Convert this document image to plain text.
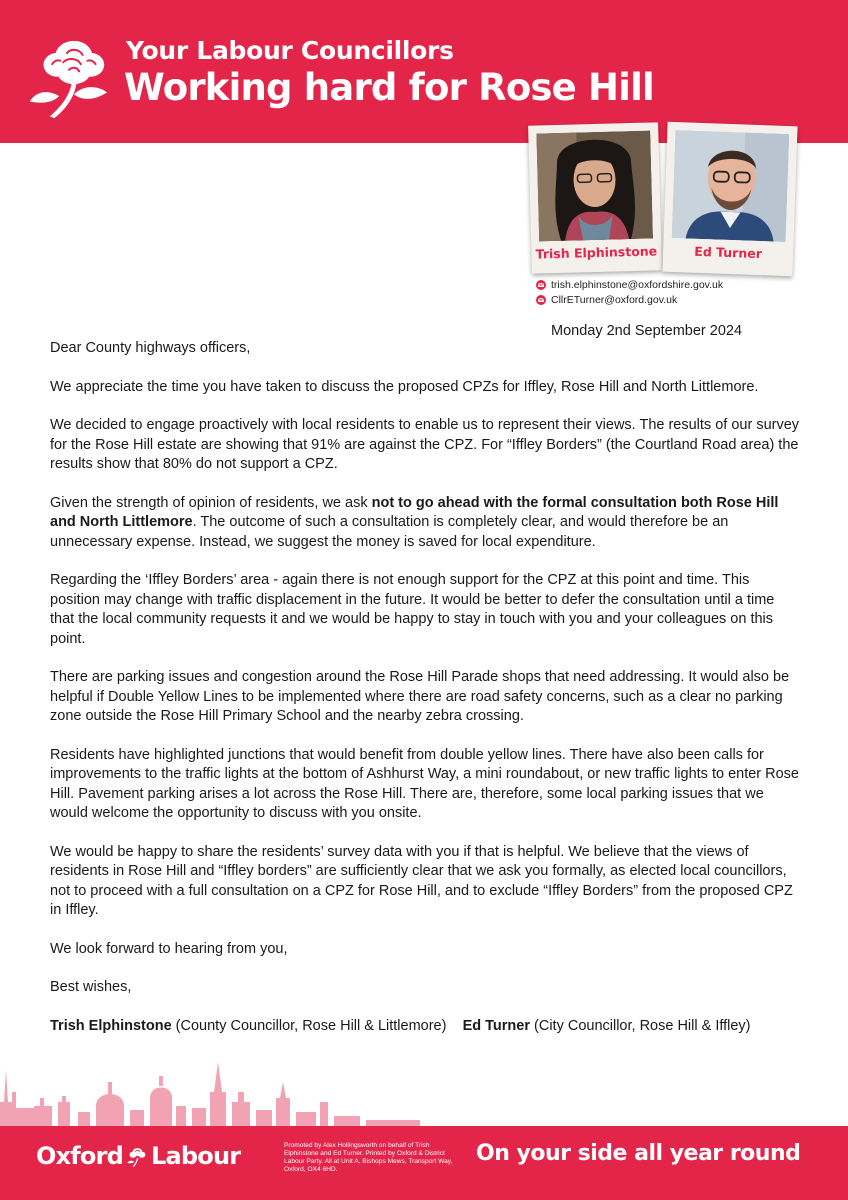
Your Labour Councillors
Working hard for Rose Hill
Trish Elphinstone	Ed Turner
trish.elphinstone@oxfordshire.gov.uk
CllrETurner@oxford.gov.uk
Monday 2nd September 2024

Dear County highways officers,

We appreciate the time you have taken to discuss the proposed CPZs for Iffley, Rose Hill and North Littlemore.

We decided to engage proactively with local residents to enable us to represent their views. The results of our survey for the Rose Hill estate are showing that 91% are against the CPZ. For “Iffley Borders” (the Courtland Road area) the results show that 80% do not support a CPZ.

Given the strength of opinion of residents, we ask not to go ahead with the formal consultation both Rose Hill and North Littlemore. The outcome of such a consultation is completely clear, and would therefore be an unnecessary expense. Instead, we suggest the money is saved for local expenditure.

Regarding the ‘Iffley Borders’ area - again there is not enough support for the CPZ at this point and time. This position may change with traffic displacement in the future. It would be better to defer the consultation until a time that the local community requests it and we would be happy to stay in touch with you and your colleagues on this point.

There are parking issues and congestion around the Rose Hill Parade shops that need addressing. It would also be helpful if Double Yellow Lines to be implemented where there are road safety concerns, such as a clear no parking zone outside the Rose Hill Primary School and the nearby zebra crossing.

Residents have highlighted junctions that would benefit from double yellow lines. There have also been calls for improvements to the traffic lights at the bottom of Ashhurst Way, a mini roundabout, or new traffic lights to enter Rose Hill. Pavement parking arises a lot across the Rose Hill. There are, therefore, some local parking issues that we would welcome the opportunity to discuss with you onsite.

We would be happy to share the residents’ survey data with you if that is helpful. We believe that the views of residents in Rose Hill and “Iffley borders” are sufficiently clear that we ask you formally, as elected local councillors, not to proceed with a full consultation on a CPZ for Rose Hill, and to exclude “Iffley Borders” from the proposed CPZ in Iffley.

We look forward to hearing from you,

Best wishes,

Trish Elphinstone (County Councillor, Rose Hill & Littlemore) Ed Turner (City Councillor, Rose Hill & Iffley)

Oxford Labour	Promoted by Alex Hollingsworth on behalf of Trish Elphinstone and Ed Turner. Printed by Oxford & District Labour Party. All at Unit A, Bishops Mews, Transport Way, Oxford, OX4 6HD.
On your side all year round
